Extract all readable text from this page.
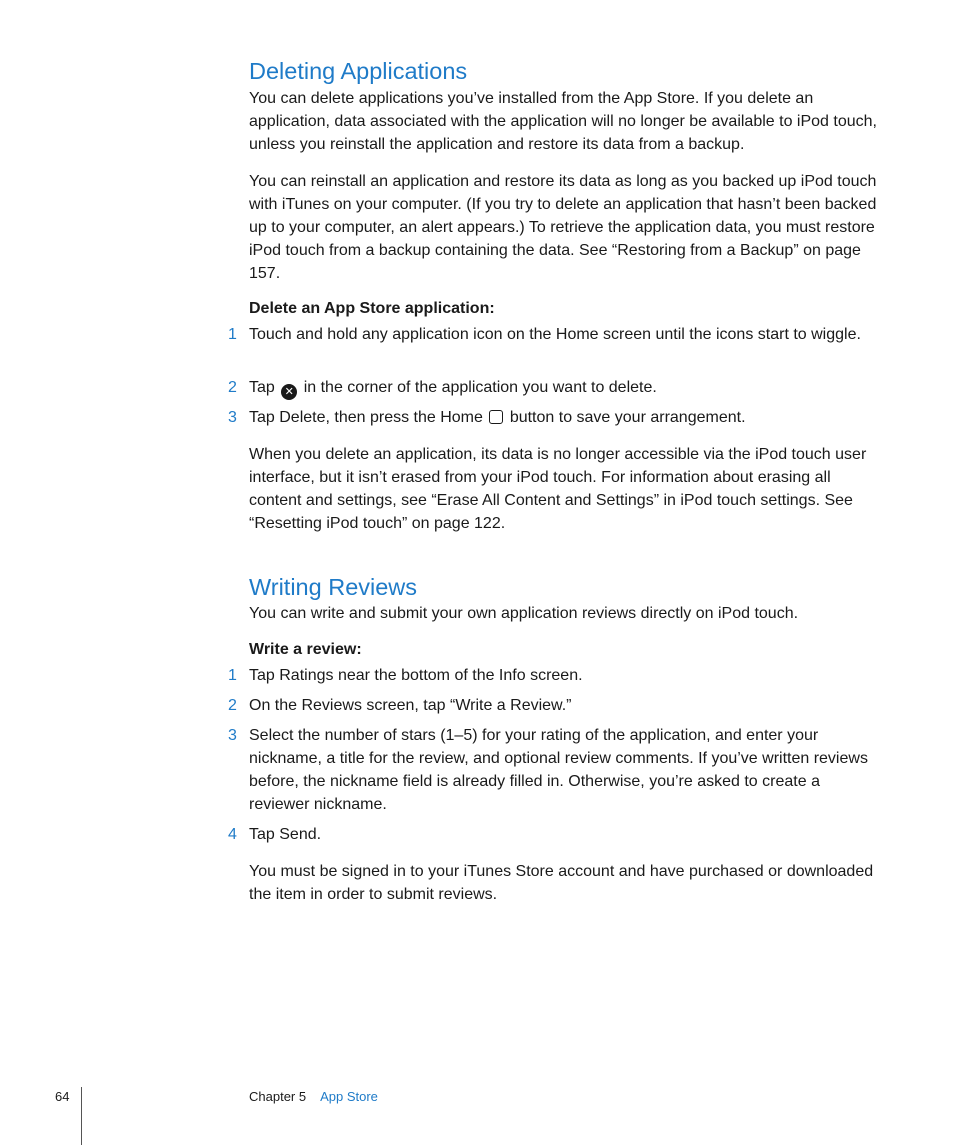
Deleting Applications

You can delete applications you’ve installed from the App Store. If you delete an application, data associated with the application will no longer be available to iPod touch, unless you reinstall the application and restore its data from a backup.

You can reinstall an application and restore its data as long as you backed up iPod touch with iTunes on your computer. (If you try to delete an application that hasn’t been backed up to your computer, an alert appears.) To retrieve the application data, you must restore iPod touch from a backup containing the data. See “Restoring from a Backup” on page 157.

Delete an App Store application:

1 Touch and hold any application icon on the Home screen until the icons start to wiggle.
2 Tap ✕ in the corner of the application you want to delete.
3 Tap Delete, then press the Home button to save your arrangement.

When you delete an application, its data is no longer accessible via the iPod touch user interface, but it isn’t erased from your iPod touch. For information about erasing all content and settings, see “Erase All Content and Settings” in iPod touch settings. See “Resetting iPod touch” on page 122.

Writing Reviews

You can write and submit your own application reviews directly on iPod touch.

Write a review:

1 Tap Ratings near the bottom of the Info screen.
2 On the Reviews screen, tap “Write a Review.”
3 Select the number of stars (1–5) for your rating of the application, and enter your nickname, a title for the review, and optional review comments. If you’ve written reviews before, the nickname field is already filled in. Otherwise, you’re asked to create a reviewer nickname.
4 Tap Send.

You must be signed in to your iTunes Store account and have purchased or downloaded the item in order to submit reviews.

64	Chapter 5 App Store
